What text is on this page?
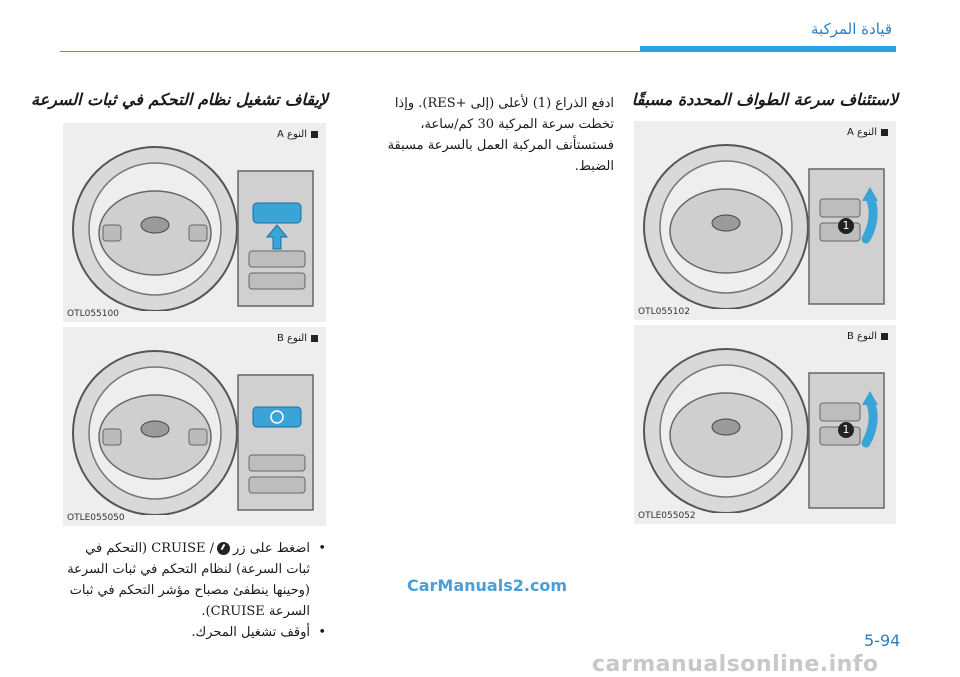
قيادة المركبة
لإيقاف تشغيل نظام التحكم في ثبات السرعة
النوع A
OTL055100
النوع B
OTLE055050
• اضغط على زر/ CRUISE (التحكم في ثبات السرعة) لنظام التحكم في ثبات السرعة (وحينها ينطفئ مصباح مؤشر التحكم في ثبات السرعة CRUISE).
• أوقف تشغيل المحرك.
لاستئناف سرعة الطواف المحددة مسبقًا
ادفع الذراع (1) لأعلى (إلى +RES). وإذا تخطت سرعة المركبة 30 كم/ساعة، فستستأنف المركبة العمل بالسرعة مسبقة الضبط.
النوع A
1
OTL055102
النوع B
1
OTLE055052
5-94
CarManuals2.com
carmanualsonline.info
